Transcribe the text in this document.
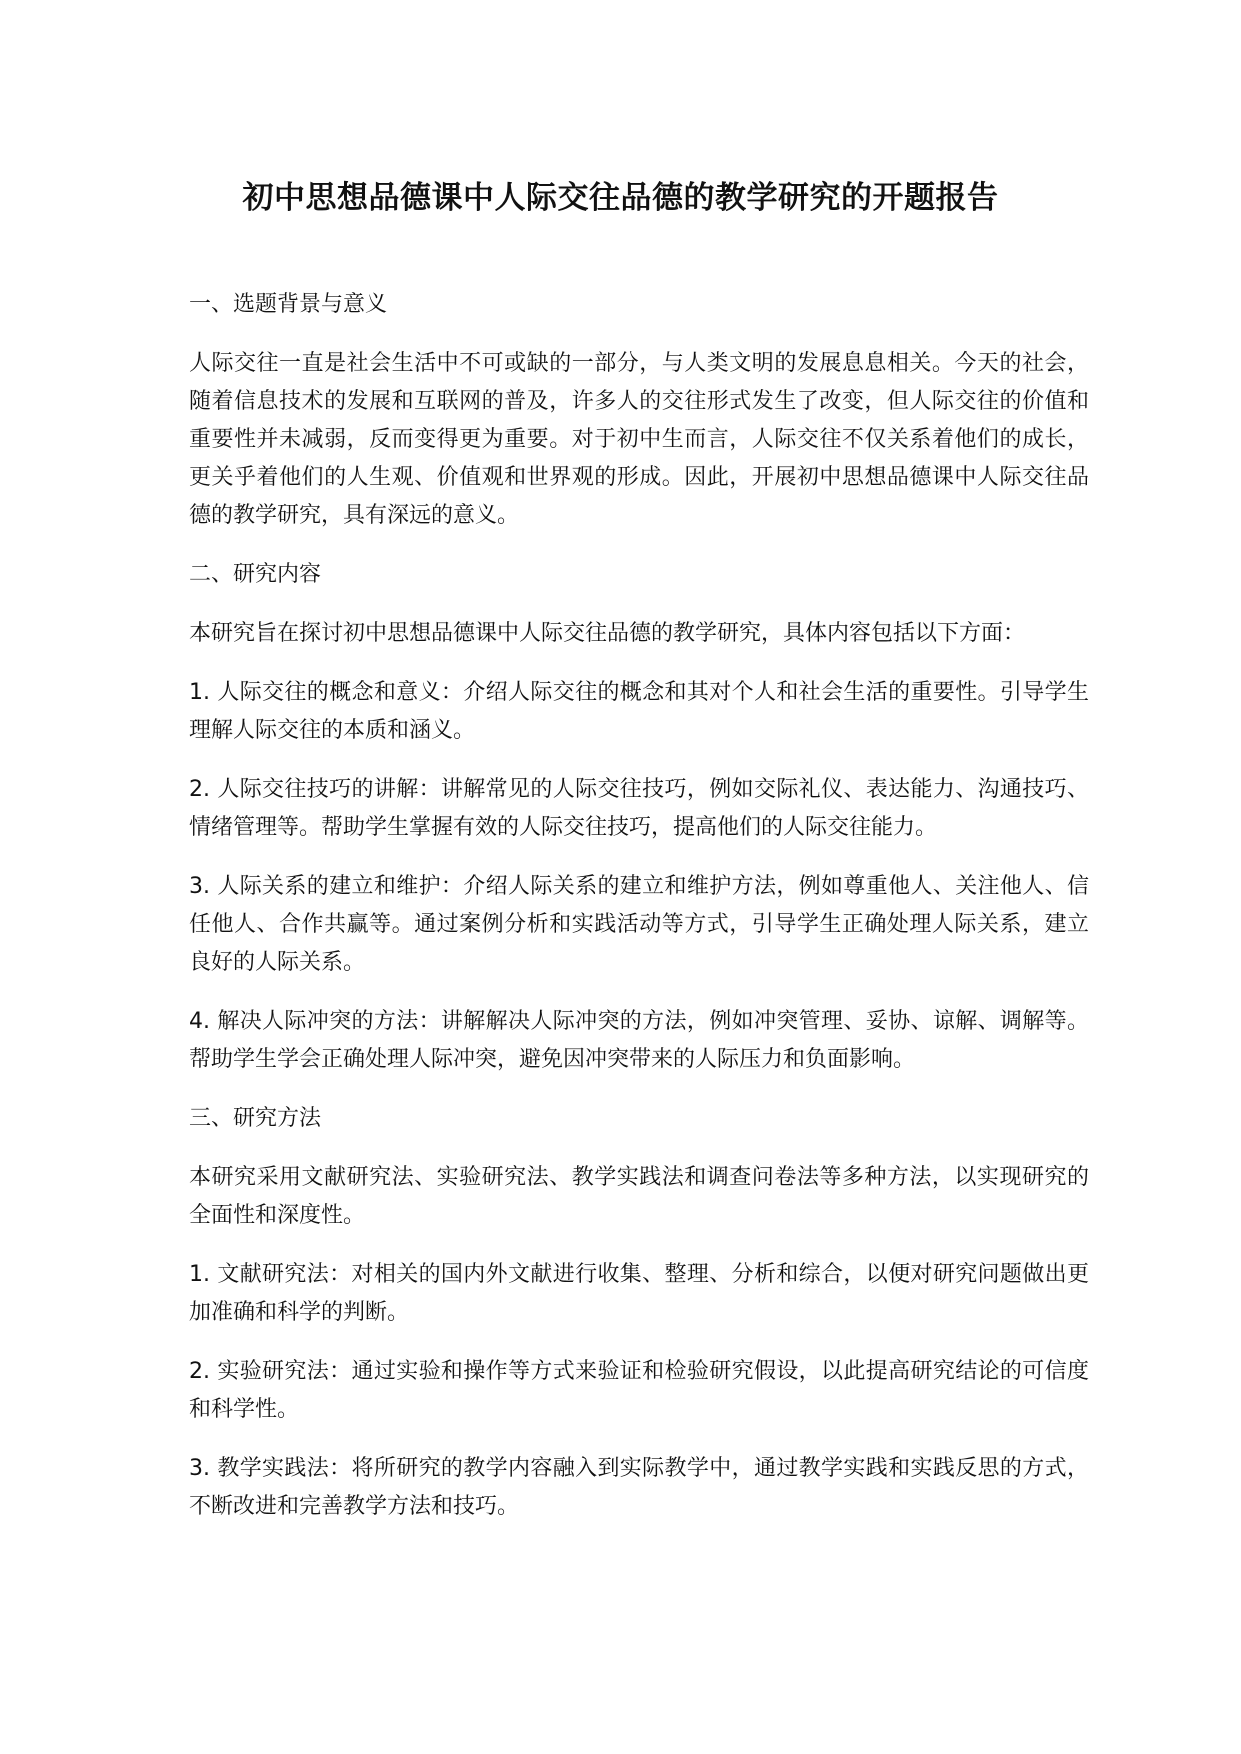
初中思想品德课中人际交往品德的教学研究的开题报告

一、选题背景与意义

人际交往一直是社会生活中不可或缺的一部分，与人类文明的发展息息相关。今天的社会，随着信息技术的发展和互联网的普及，许多人的交往形式发生了改变，但人际交往的价值和重要性并未减弱，反而变得更为重要。对于初中生而言，人际交往不仅关系着他们的成长，更关乎着他们的人生观、价值观和世界观的形成。因此，开展初中思想品德课中人际交往品德的教学研究，具有深远的意义。

二、研究内容

本研究旨在探讨初中思想品德课中人际交往品德的教学研究，具体内容包括以下方面：

1. 人际交往的概念和意义：介绍人际交往的概念和其对个人和社会生活的重要性。引导学生理解人际交往的本质和涵义。

2. 人际交往技巧的讲解：讲解常见的人际交往技巧，例如交际礼仪、表达能力、沟通技巧、情绪管理等。帮助学生掌握有效的人际交往技巧，提高他们的人际交往能力。

3. 人际关系的建立和维护：介绍人际关系的建立和维护方法，例如尊重他人、关注他人、信任他人、合作共赢等。通过案例分析和实践活动等方式，引导学生正确处理人际关系，建立良好的人际关系。

4. 解决人际冲突的方法：讲解解决人际冲突的方法，例如冲突管理、妥协、谅解、调解等。帮助学生学会正确处理人际冲突，避免因冲突带来的人际压力和负面影响。

三、研究方法

本研究采用文献研究法、实验研究法、教学实践法和调查问卷法等多种方法，以实现研究的全面性和深度性。

1. 文献研究法：对相关的国内外文献进行收集、整理、分析和综合，以便对研究问题做出更加准确和科学的判断。

2. 实验研究法：通过实验和操作等方式来验证和检验研究假设，以此提高研究结论的可信度和科学性。

3. 教学实践法：将所研究的教学内容融入到实际教学中，通过教学实践和实践反思的方式，不断改进和完善教学方法和技巧。
